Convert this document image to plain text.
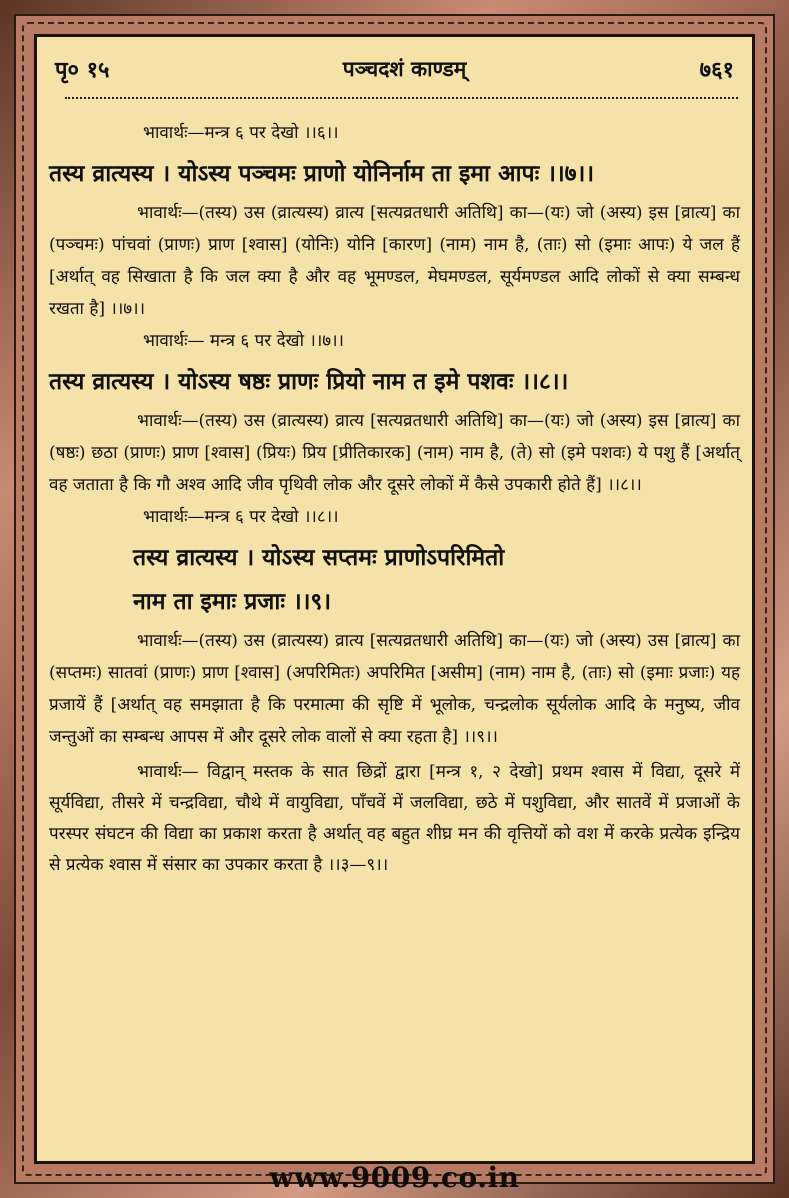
पृ० १५	पञ्चदशं काण्डम्	७६१

भावार्थः—मन्त्र ६ पर देखो ।।६।।

तस्य व्रात्यस्य । योऽस्य पञ्चमः प्राणो योनिर्नाम ता इमा आपः ।।७।।

भावार्थः—(तस्य) उस (व्रात्यस्य) व्रात्य [सत्यव्रतधारी अतिथि] का—(यः) जो (अस्य) इस [व्रात्य] का (पञ्चमः) पांचवां (प्राणः) प्राण [श्वास] (योनिः) योनि [कारण] (नाम) नाम है, (ताः) सो (इमाः आपः) ये जल हैं [अर्थात् वह सिखाता है कि जल क्या है और वह भूमण्डल, मेघमण्डल, सूर्यमण्डल आदि लोकों से क्या सम्बन्ध रखता है] ।।७।।

भावार्थः— मन्त्र ६ पर देखो ।।७।।

तस्य व्रात्यस्य । योऽस्य षष्ठः प्राणः प्रियो नाम त इमे पशवः ।।८।।

भावार्थः—(तस्य) उस (व्रात्यस्य) व्रात्य [सत्यव्रतधारी अतिथि] का—(यः) जो (अस्य) इस [व्रात्य] का (षष्ठः) छठा (प्राणः) प्राण [श्वास] (प्रियः) प्रिय [प्रीतिकारक] (नाम) नाम है, (ते) सो (इमे पशवः) ये पशु हैं [अर्थात् वह जताता है कि गौ अश्व आदि जीव पृथिवी लोक और दूसरे लोकों में कैसे उपकारी होते हैं] ।।८।।

भावार्थः—मन्त्र ६ पर देखो ।।८।।

तस्य व्रात्यस्य । योऽस्य सप्तमः प्राणोऽपरिमितो

नाम ता इमाः प्रजाः ।।९।

भावार्थः—(तस्य) उस (व्रात्यस्य) व्रात्य [सत्यव्रतधारी अतिथि] का—(यः) जो (अस्य) उस [व्रात्य] का (सप्तमः) सातवां (प्राणः) प्राण [श्वास] (अपरिमितः) अपरिमित [असीम] (नाम) नाम है, (ताः) सो (इमाः प्रजाः) यह प्रजायें हैं [अर्थात् वह समझाता है कि परमात्मा की सृष्टि में भूलोक, चन्द्रलोक सूर्यलोक आदि के मनुष्य, जीव जन्तुओं का सम्बन्ध आपस में और दूसरे लोक वालों से क्या रहता है] ।।९।।

भावार्थः— विद्वान् मस्तक के सात छिद्रों द्वारा [मन्त्र १, २ देखो] प्रथम श्वास में विद्या, दूसरे में सूर्यविद्या, तीसरे में चन्द्रविद्या, चौथे में वायुविद्या, पाँचवें में जलविद्या, छठे में पशुविद्या, और सातवें में प्रजाओं के परस्पर संघटन की विद्या का प्रकाश करता है अर्थात् वह बहुत शीघ्र मन की वृत्तियों को वश में करके प्रत्येक इन्द्रिय से प्रत्येक श्वास में संसार का उपकार करता है ।।३—९।।

www.9009.co.in
